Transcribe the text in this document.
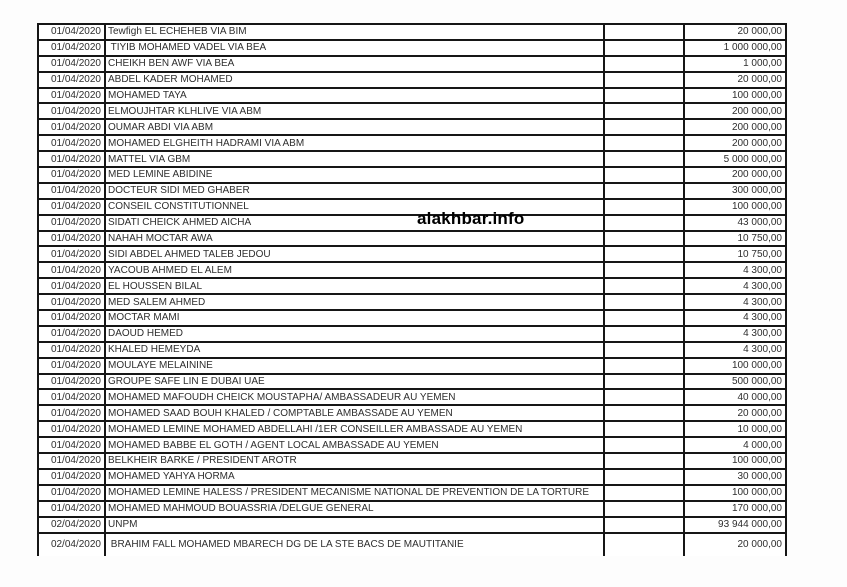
01/04/2020 Tewfigh EL ECHEHEB VIA BIM	20 000,00
01/04/2020 TIYIB MOHAMED VADEL VIA BEA	1 000 000,00
01/04/2020 CHEIKH BEN AWF VIA BEA	1 000,00
01/04/2020 ABDEL KADER MOHAMED	20 000,00
01/04/2020 MOHAMED TAYA	100 000,00
01/04/2020 ELMOUJHTAR KLHLIVE VIA ABM	200 000,00
01/04/2020 OUMAR ABDI VIA ABM	200 000,00
01/04/2020 MOHAMED ELGHEITH HADRAMI VIA ABM	200 000,00
01/04/2020 MATTEL VIA GBM	5 000 000,00
01/04/2020 MED LEMINE ABIDINE	200 000,00
01/04/2020 DOCTEUR SIDI MED GHABER	300 000,00
01/04/2020 CONSEIL CONSTITUTIONNEL	100 000,00
01/04/2020 SIDATI CHEICK AHMED AICHA	43 000,00
01/04/2020 NAHAH MOCTAR AWA	10 750,00
01/04/2020 SIDI ABDEL AHMED TALEB JEDOU	10 750,00
01/04/2020 YACOUB AHMED EL ALEM	4 300,00
01/04/2020 EL HOUSSEN BILAL	4 300,00
01/04/2020 MED SALEM AHMED	4 300,00
01/04/2020 MOCTAR MAMI	4 300,00
01/04/2020 DAOUD HEMED	4 300,00
01/04/2020 KHALED HEMEYDA	4 300,00
01/04/2020 MOULAYE MELAININE	100 000,00
01/04/2020 GROUPE SAFE LIN E DUBAI UAE	500 000,00
01/04/2020 MOHAMED MAFOUDH CHEICK MOUSTAPHA/ AMBASSADEUR AU YEMEN	40 000,00
01/04/2020 MOHAMED SAAD BOUH KHALED / COMPTABLE AMBASSADE AU YEMEN	20 000,00
01/04/2020 MOHAMED LEMINE MOHAMED ABDELLAHI /1ER CONSEILLER AMBASSADE AU YEMEN	10 000,00
01/04/2020 MOHAMED BABBE EL GOTH / AGENT LOCAL AMBASSADE AU YEMEN	4 000,00
01/04/2020 BELKHEIR BARKE / PRESIDENT AROTR	100 000,00
01/04/2020 MOHAMED YAHYA HORMA	30 000,00
01/04/2020 MOHAMED LEMINE HALESS / PRESIDENT MECANISME NATIONAL DE PREVENTION DE LA TORTURE	100 000,00
01/04/2020 MOHAMED MAHMOUD BOUASSRIA /DELGUE GENERAL	170 000,00
02/04/2020 UNPM	93 944 000,00
02/04/2020 BRAHIM FALL MOHAMED MBARECH DG DE LA STE BACS DE MAUTITANIE	20 000,00
alakhbar.info
